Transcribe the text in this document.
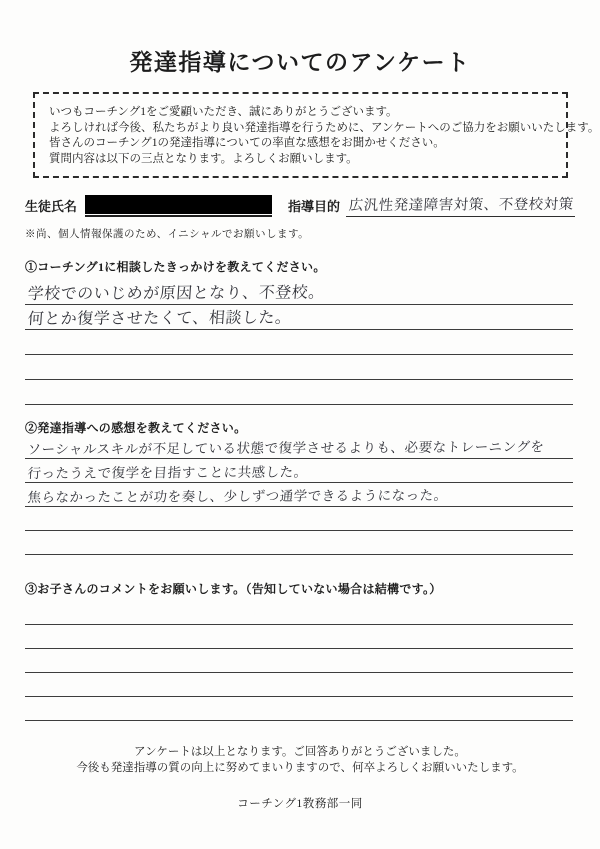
発達指導についてのアンケート
いつもコーチング1をご愛顧いただき、誠にありがとうございます。
よろしければ今後、私たちがより良い発達指導を行うために、アンケートへのご協力をお願いいたします。
皆さんのコーチング1の発達指導についての率直な感想をお聞かせください。
質問内容は以下の三点となります。よろしくお願いします。
生徒氏名	指導目的 広汎性発達障害対策、不登校対策
※尚、個人情報保護のため、イニシャルでお願いします。
①コーチング1に相談したきっかけを教えてください。
学校でのいじめが原因となり、不登校。
何とか復学させたくて、相談した。
②発達指導への感想を教えてください。
ソーシャルスキルが不足している状態で復学させるよりも、必要なトレーニングを
行ったうえで復学を目指すことに共感した。
焦らなかったことが功を奏し、少しずつ通学できるようになった。
③お子さんのコメントをお願いします。（告知していない場合は結構です。）
アンケートは以上となります。ご回答ありがとうございました。
今後も発達指導の質の向上に努めてまいりますので、何卒よろしくお願いいたします。
コーチング1教務部一同
